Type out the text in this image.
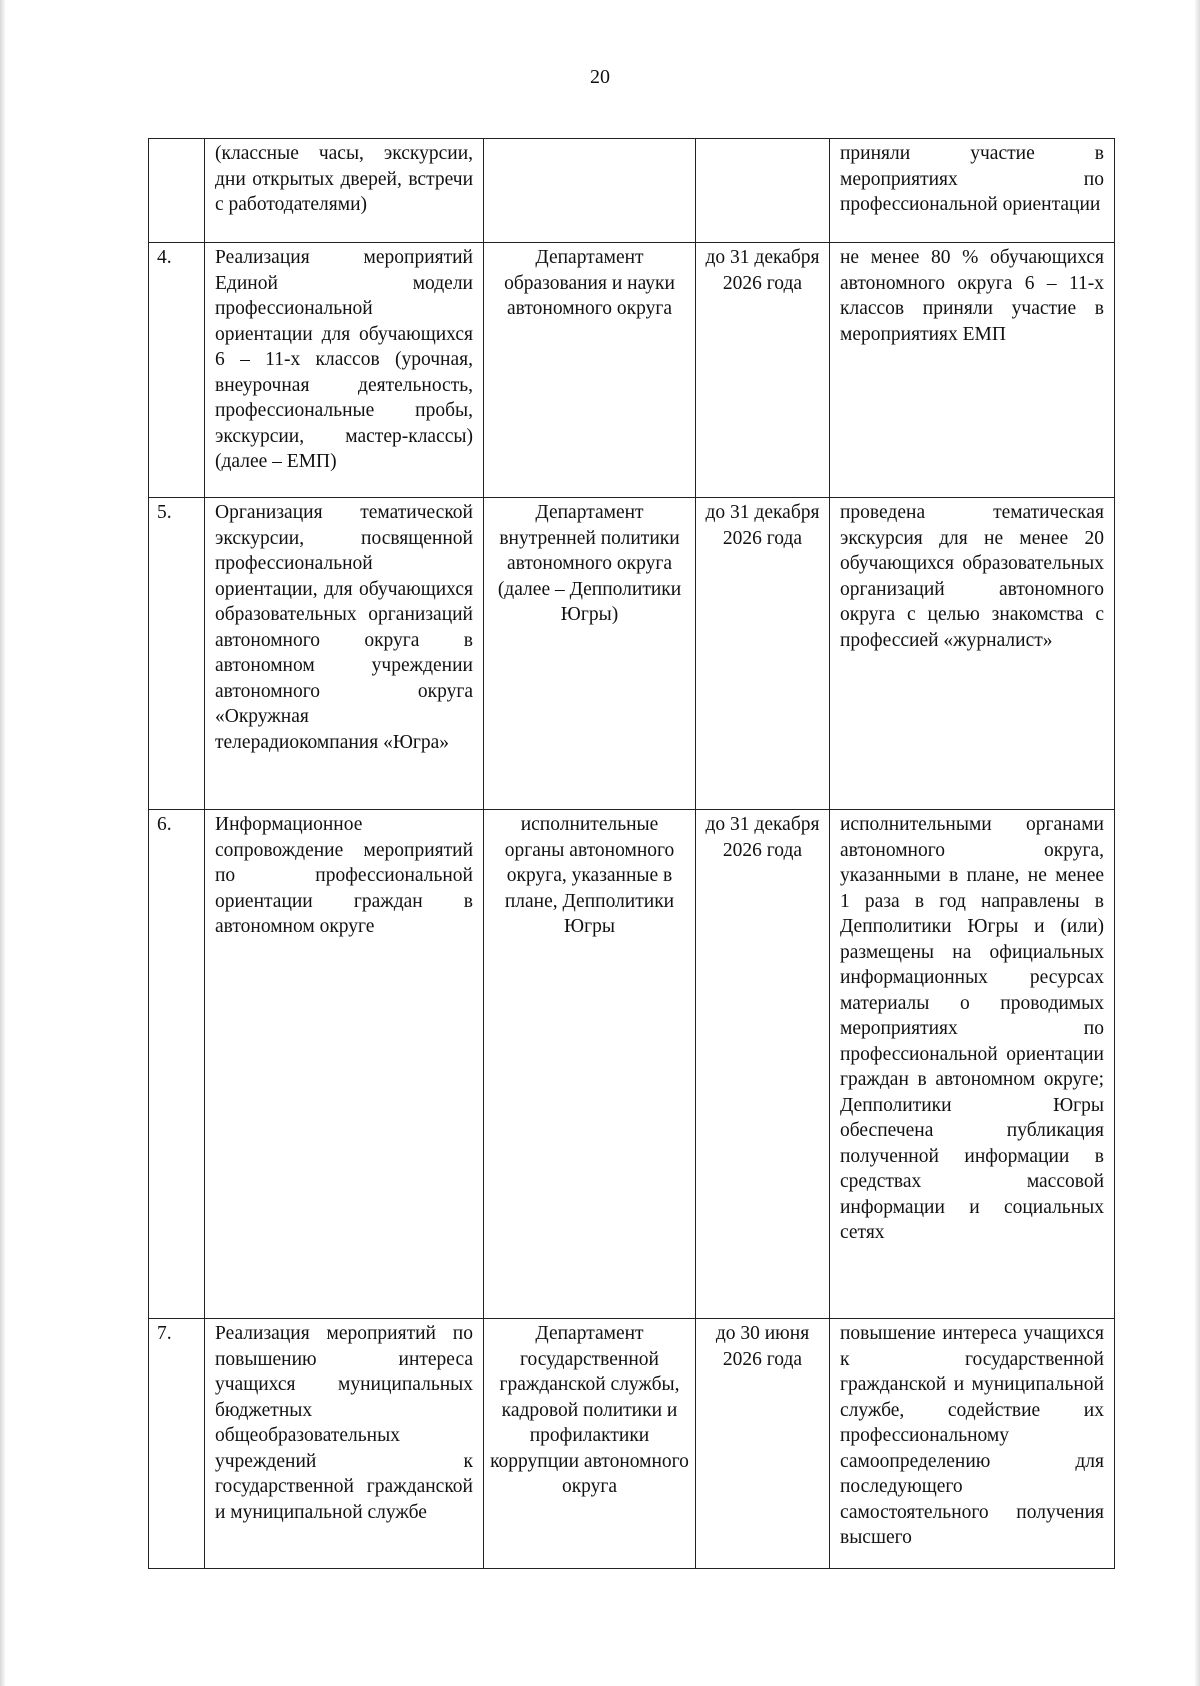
20
	(классные часы, экскурсии, дни открытых дверей, встречи с работодателями)			приняли участие в мероприятиях по профессиональной ориентации
4.	Реализация мероприятий Единой модели профессиональной ориентации для обучающихся 6 – 11-х классов (урочная, внеурочная деятельность, профессиональные пробы, экскурсии, мастер-классы) (далее – ЕМП)	Департамент образования и науки автономного округа	до 31 декабря 2026 года	не менее 80 % обучающихся автономного округа 6 – 11-х классов приняли участие в мероприятиях ЕМП
5.	Организация тематической экскурсии, посвященной профессиональной ориентации, для обучающихся образовательных организаций автономного округа в автономном учреждении автономного округа «Окружная телерадиокомпания «Югра»	Департамент внутренней политики автономного округа (далее – Депполитики Югры)	до 31 декабря 2026 года	проведена тематическая экскурсия для не менее 20 обучающихся образовательных организаций автономного округа с целью знакомства с профессией «журналист»
6.	Информационное сопровождение мероприятий по профессиональной ориентации граждан в автономном округе	исполнительные органы автономного округа, указанные в плане, Депполитики Югры	до 31 декабря 2026 года	исполнительными органами автономного округа, указанными в плане, не менее 1 раза в год направлены в Депполитики Югры и (или) размещены на официальных информационных ресурсах материалы о проводимых мероприятиях по профессиональной ориентации граждан в автономном округе; Депполитики Югры обеспечена публикация полученной информации в средствах массовой информации и социальных сетях
7.	Реализация мероприятий по повышению интереса учащихся муниципальных бюджетных общеобразовательных учреждений к государственной гражданской и муниципальной службе	Департамент государственной гражданской службы, кадровой политики и профилактики коррупции автономного округа	до 30 июня 2026 года	повышение интереса учащихся к государственной гражданской и муниципальной службе, содействие их профессиональному самоопределению для последующего самостоятельного получения высшего
